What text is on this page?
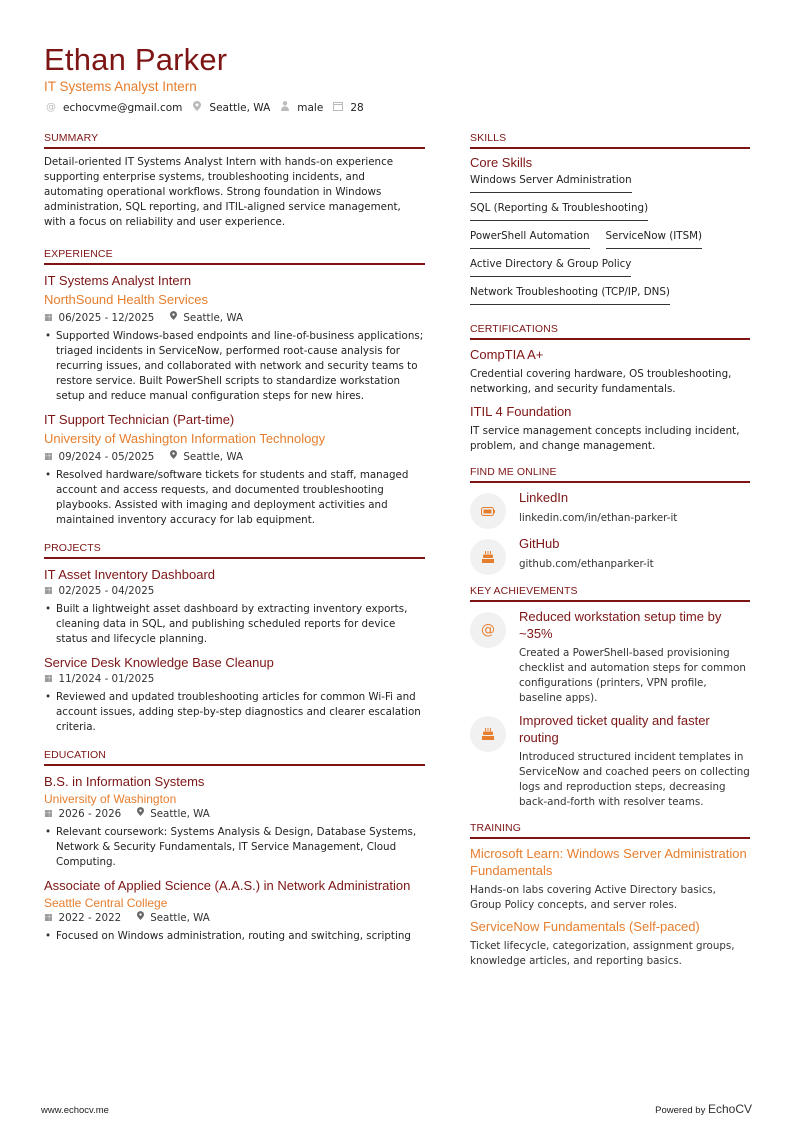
Ethan Parker
IT Systems Analyst Intern
@ echocvme@gmail.com	Seattle, WA	male	28
SUMMARY
Detail-oriented IT Systems Analyst Intern with hands-on experience supporting enterprise systems, troubleshooting incidents, and automating operational workflows. Strong foundation in Windows administration, SQL reporting, and ITIL-aligned service management, with a focus on reliability and user experience.
EXPERIENCE
IT Systems Analyst Intern
NorthSound Health Services
▦ 06/2025 - 12/2025	Seattle, WA
• Supported Windows-based endpoints and line-of-business applications; triaged incidents in ServiceNow, performed root-cause analysis for recurring issues, and collaborated with network and security teams to restore service. Built PowerShell scripts to standardize workstation setup and reduce manual configuration steps for new hires.
IT Support Technician (Part-time)
University of Washington Information Technology
▦ 09/2024 - 05/2025	Seattle, WA
• Resolved hardware/software tickets for students and staff, managed account and access requests, and documented troubleshooting playbooks. Assisted with imaging and deployment activities and maintained inventory accuracy for lab equipment.
PROJECTS
IT Asset Inventory Dashboard
▦ 02/2025 - 04/2025
• Built a lightweight asset dashboard by extracting inventory exports, cleaning data in SQL, and publishing scheduled reports for device status and lifecycle planning.
Service Desk Knowledge Base Cleanup
▦ 11/2024 - 01/2025
• Reviewed and updated troubleshooting articles for common Wi-Fi and account issues, adding step-by-step diagnostics and clearer escalation criteria.
EDUCATION
B.S. in Information Systems
University of Washington
▦ 2026 - 2026	Seattle, WA
• Relevant coursework: Systems Analysis & Design, Database Systems, Network & Security Fundamentals, IT Service Management, Cloud Computing.
Associate of Applied Science (A.A.S.) in Network Administration
Seattle Central College
▦ 2022 - 2022	Seattle, WA
• Focused on Windows administration, routing and switching, scripting
SKILLS
Core Skills
Windows Server Administration
SQL (Reporting & Troubleshooting)
PowerShell Automation ServiceNow (ITSM)
Active Directory & Group Policy
Network Troubleshooting (TCP/IP, DNS)
CERTIFICATIONS
CompTIA A+
Credential covering hardware, OS troubleshooting, networking, and security fundamentals.
ITIL 4 Foundation
IT service management concepts including incident, problem, and change management.
FIND ME ONLINE
LinkedIn
linkedin.com/in/ethan-parker-it
GitHub
github.com/ethanparker-it
KEY ACHIEVEMENTS
@
Reduced workstation setup time by ~35%
Created a PowerShell-based provisioning checklist and automation steps for common configurations (printers, VPN profile, baseline apps).
Improved ticket quality and faster routing
Introduced structured incident templates in ServiceNow and coached peers on collecting logs and reproduction steps, decreasing back-and-forth with resolver teams.
TRAINING
Microsoft Learn: Windows Server Administration Fundamentals
Hands-on labs covering Active Directory basics, Group Policy concepts, and server roles.
ServiceNow Fundamentals (Self-paced)
Ticket lifecycle, categorization, assignment groups, knowledge articles, and reporting basics.
www.echocv.me	Powered by EchoCV
